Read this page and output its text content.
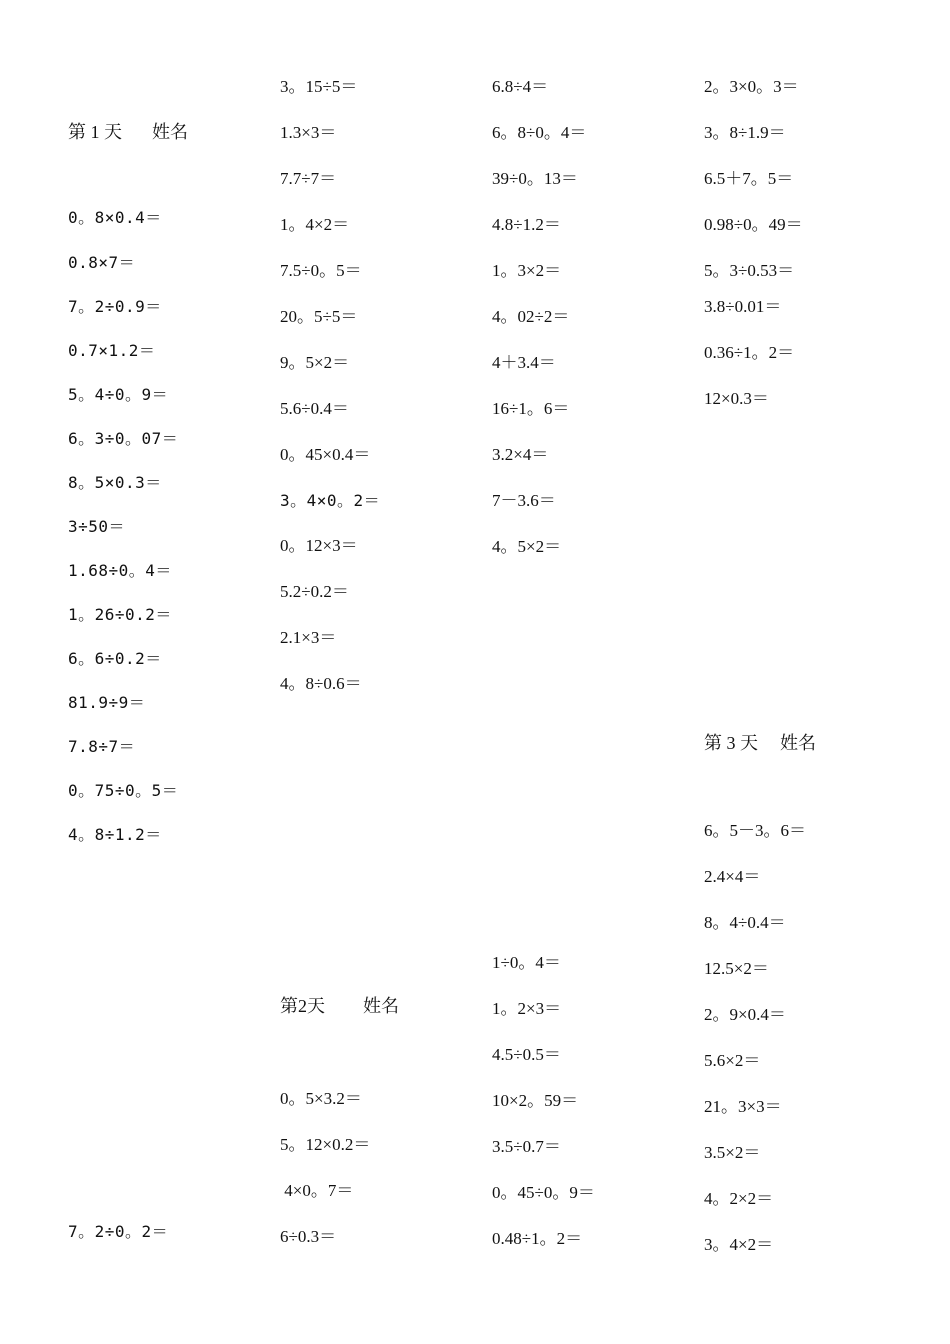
第 1 天 姓名
0。8×0.4＝
0.8×7＝
7。2÷0.9＝
0.7×1.2＝
5。4÷0。9＝
6。3÷0。07＝
8。5×0.3＝
3÷50＝
1.68÷0。4＝
1。26÷0.2＝
6。6÷0.2＝
81.9÷9＝
7.8÷7＝
0。75÷0。5＝
4。8÷1.2＝
7。2÷0。2＝
3。15÷5＝
1.3×3＝
7.7÷7＝
1。4×2＝
7.5÷0。5＝
20。5÷5＝
9。5×2＝
5.6÷0.4＝
0。45×0.4＝
3。4×0。2＝
0。12×3＝
5.2÷0.2＝
2.1×3＝
4。8÷0.6＝
第2天 姓名
0。5×3.2＝
5。12×0.2＝
4×0。7＝
6÷0.3＝
6.8÷4＝
6。8÷0。4＝
39÷0。13＝
4.8÷1.2＝
1。3×2＝
4。02÷2＝
4＋3.4＝
16÷1。6＝
3.2×4＝
7－3.6＝
4。5×2＝
1÷0。4＝
1。2×3＝
4.5÷0.5＝
10×2。59＝
3.5÷0.7＝
0。45÷0。9＝
0.48÷1。2＝
2。3×0。3＝
3。8÷1.9＝
6.5＋7。5＝
0.98÷0。49＝
5。3÷0.53＝
3.8÷0.01＝
0.36÷1。2＝
12×0.3＝
第 3 天 姓名
6。5－3。6＝
2.4×4＝
8。4÷0.4＝
12.5×2＝
2。9×0.4＝
5.6×2＝
21。3×3＝
3.5×2＝
4。2×2＝
3。4×2＝
